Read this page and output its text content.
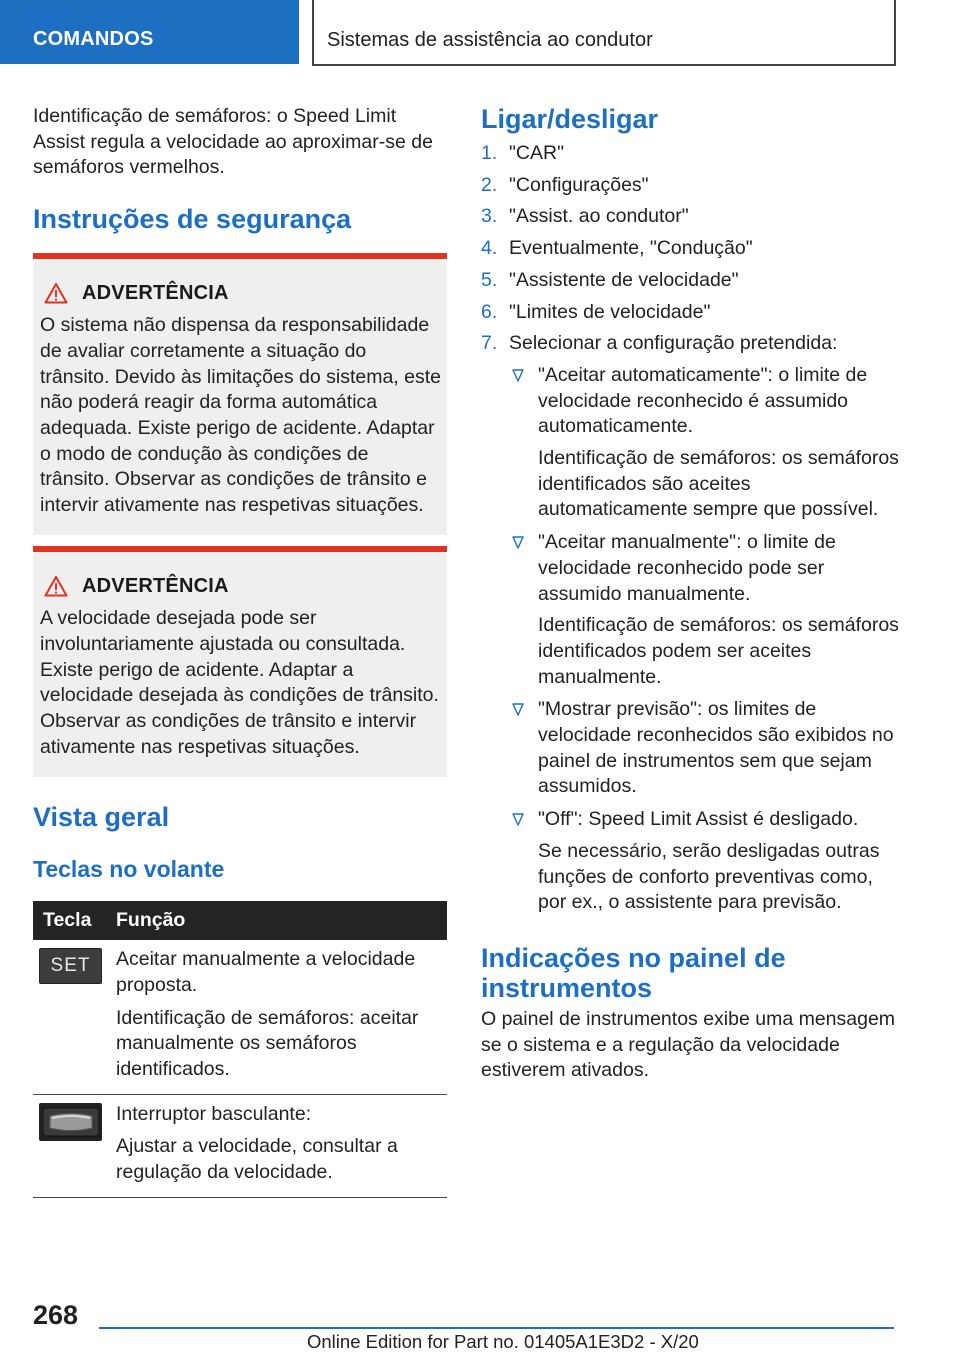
COMANDOS	Sistemas de assistência ao condutor

Identificação de semáforos: o Speed Limit Assist regula a velocidade ao aproximar-se de semáforos vermelhos.

Instruções de segurança
ADVERTÊNCIA

O sistema não dispensa da responsabilidade de avaliar corretamente a situação do trânsito. Devido às limitações do sistema, este não poderá reagir da forma automática adequada. Existe perigo de acidente. Adaptar o modo de condução às condições de trânsito. Observar as condições de trânsito e intervir ativamente nas respetivas situações.

ADVERTÊNCIA

A velocidade desejada pode ser involuntariamente ajustada ou consultada. Existe perigo de acidente. Adaptar a velocidade desejada às condições de trânsito. Observar as condições de trânsito e intervir ativamente nas respetivas situações.

Vista geral
Teclas no volante
Tecla	Função

SET	Aceitar manualmente a velocidade proposta.

Identificação de semáforos: aceitar manualmente os semáforos identificados.

Interruptor basculante:

Ajustar a velocidade, consultar a regulação da velocidade.

Ligar/desligar
1. "CAR"

2. "Configurações"

3. "Assist. ao condutor"

4. Eventualmente, "Condução"

5. "Assistente de velocidade"

6. "Limites de velocidade"

7. Selecionar a configuração pretendida:

"Aceitar automaticamente": o limite de velocidade reconhecido é assumido automaticamente.

Identificação de semáforos: os semáforos identificados são aceites automaticamente sempre que possível.

"Aceitar manualmente": o limite de velocidade reconhecido pode ser assumido manualmente.

Identificação de semáforos: os semáforos identificados podem ser aceites manualmente.

"Mostrar previsão": os limites de velocidade reconhecidos são exibidos no painel de instrumentos sem que sejam assumidos.

"Off": Speed Limit Assist é desligado.

Se necessário, serão desligadas outras funções de conforto preventivas como, por ex., o assistente para previsão.

Indicações no painel de instrumentos

O painel de instrumentos exibe uma mensagem se o sistema e a regulação da velocidade estiverem ativados.

268
Online Edition for Part no. 01405A1E3D2 - X/20
